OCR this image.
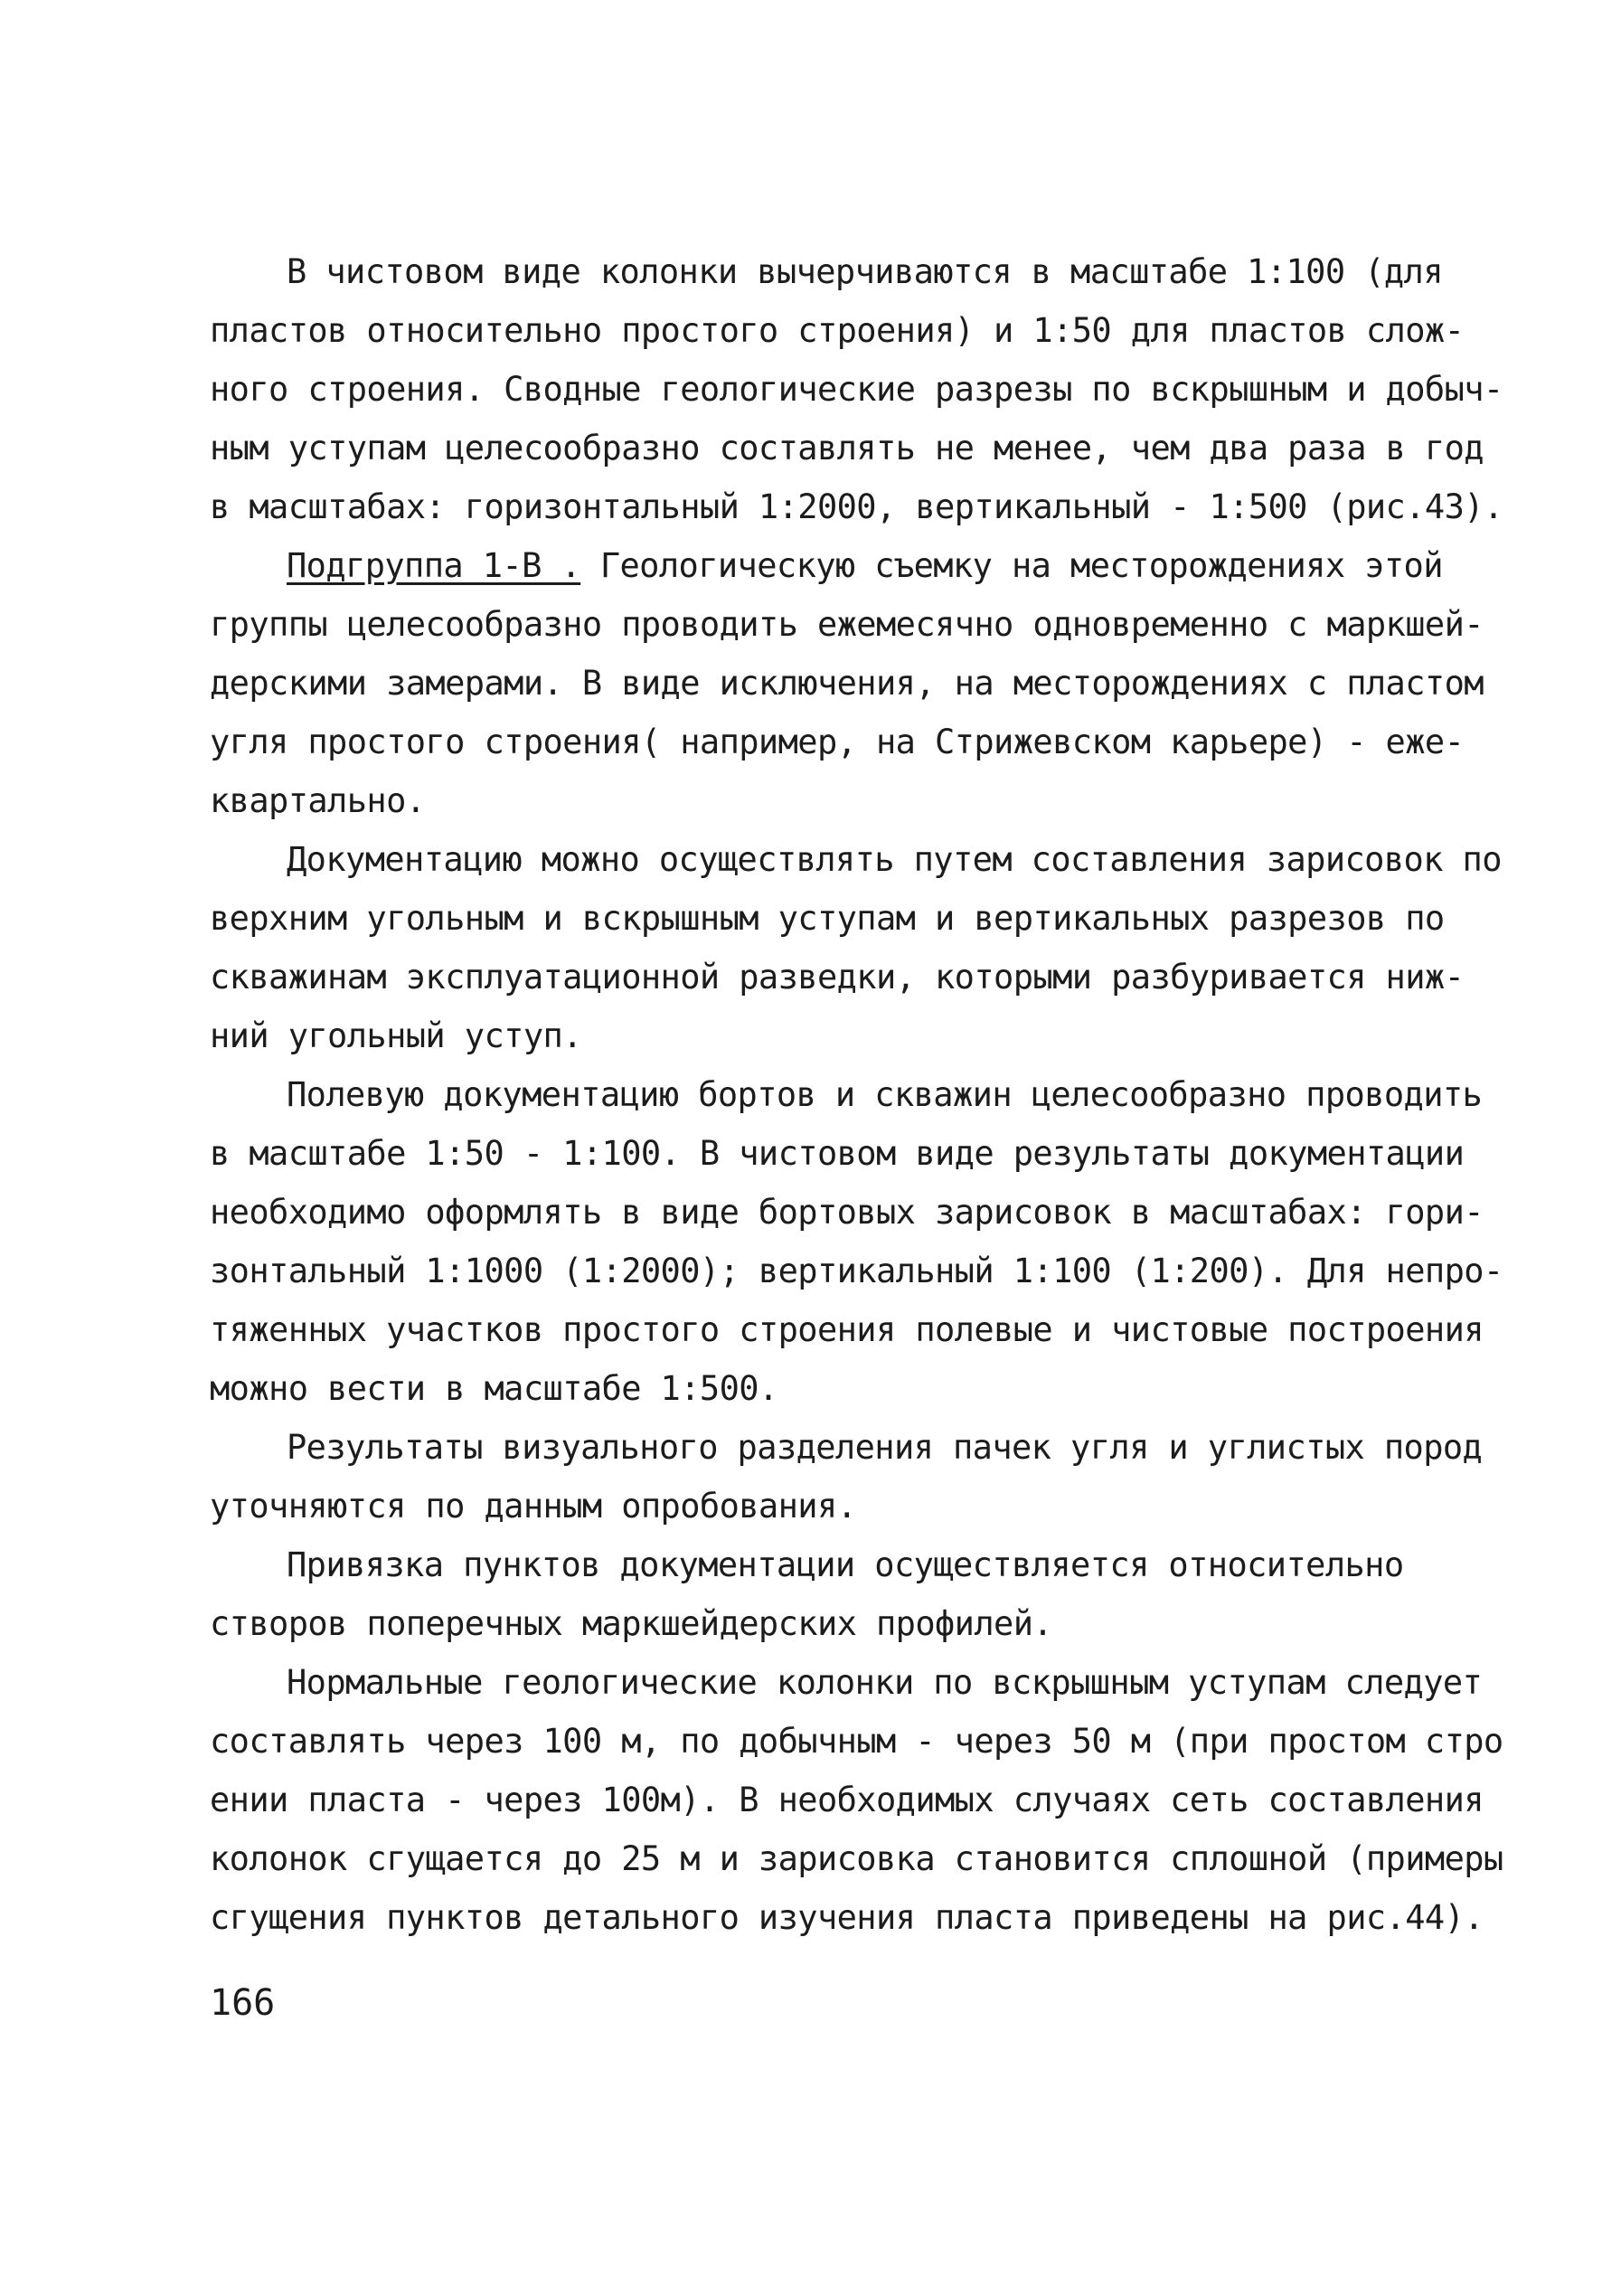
В чистовом виде колонки вычерчиваются в масштабе 1:100 (для
пластов относительно простого строения) и 1:50 для пластов слож-
ного строения. Сводные геологические разрезы по вскрышным и добыч-
ным уступам целесообразно составлять не менее, чем два раза в год
в масштабах: горизонтальный 1:2000, вертикальный - 1:500 (рис.43).
Подгруппа 1-В . Геологическую съемку на месторождениях этой
группы целесообразно проводить ежемесячно одновременно с маркшей-
дерскими замерами. В виде исключения, на месторождениях с пластом
угля простого строения( например, на Стрижевском карьере) - еже-
квартально.
Документацию можно осуществлять путем составления зарисовок по
верхним угольным и вскрышным уступам и вертикальных разрезов по
скважинам эксплуатационной разведки, которыми разбуривается ниж-
ний угольный уступ.
Полевую документацию бортов и скважин целесообразно проводить
в масштабе 1:50 - 1:100. В чистовом виде результаты документации
необходимо оформлять в виде бортовых зарисовок в масштабах: гори-
зонтальный 1:1000 (1:2000); вертикальный 1:100 (1:200). Для непро-
тяженных участков простого строения полевые и чистовые построения
можно вести в масштабе 1:500.
Результаты визуального разделения пачек угля и углистых пород
уточняются по данным опробования.
Привязка пунктов документации осуществляется относительно
створов поперечных маркшейдерских профилей.
Нормальные геологические колонки по вскрышным уступам следует
составлять через 100 м, по добычным - через 50 м (при простом стро
ении пласта - через 100м). В необходимых случаях сеть составления
колонок сгущается до 25 м и зарисовка становится сплошной (примеры
сгущения пунктов детального изучения пласта приведены на рис.44).
166
